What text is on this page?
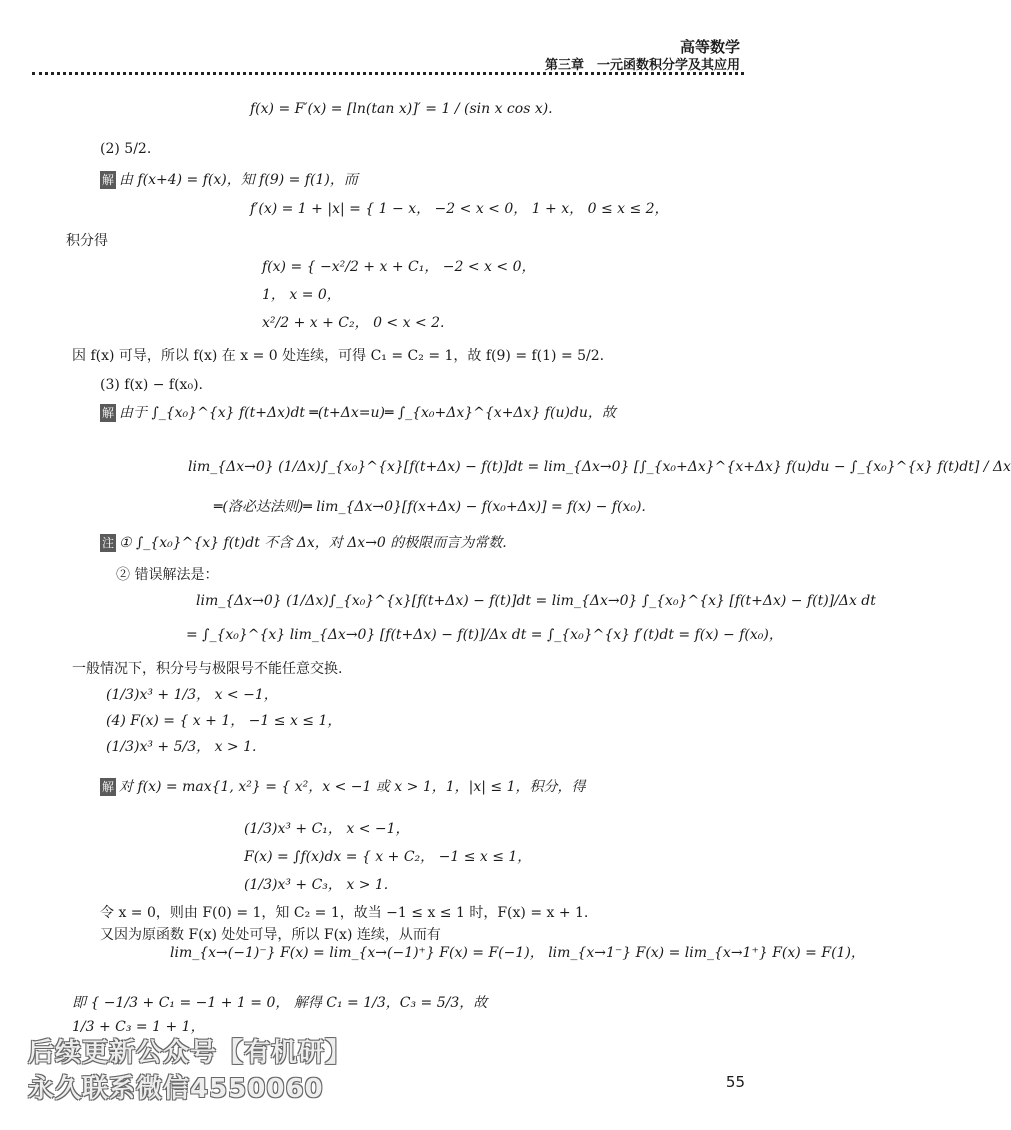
高等数学
第三章　一元函数积分学及其应用
f(x) = F′(x) = [ln(tan x)]′ = 1 / (sin x cos x).
(2) 5/2.
解 由 f(x+4) = f(x)，知 f(9) = f(1)，而
f′(x) = 1 + |x| = { 1 − x， −2 < x < 0， 1 + x， 0 ≤ x ≤ 2，
积分得
f(x) = { −x²/2 + x + C₁， −2 < x < 0，
1， x = 0，
x²/2 + x + C₂， 0 < x < 2.
因 f(x) 可导，所以 f(x) 在 x = 0 处连续，可得 C₁ = C₂ = 1，故 f(9) = f(1) = 5/2.
(3) f(x) − f(x₀).
解 由于 ∫_{x₀}^{x} f(t+Δx)dt ═(t+Δx=u)═ ∫_{x₀+Δx}^{x+Δx} f(u)du，故
lim_{Δx→0} (1/Δx)∫_{x₀}^{x}[f(t+Δx) − f(t)]dt = lim_{Δx→0} [∫_{x₀+Δx}^{x+Δx} f(u)du − ∫_{x₀}^{x} f(t)dt] / Δx
═(洛必达法则)═ lim_{Δx→0}[f(x+Δx) − f(x₀+Δx)] = f(x) − f(x₀).
注 ① ∫_{x₀}^{x} f(t)dt 不含 Δx，对 Δx→0 的极限而言为常数.
② 错误解法是：
lim_{Δx→0} (1/Δx)∫_{x₀}^{x}[f(t+Δx) − f(t)]dt = lim_{Δx→0} ∫_{x₀}^{x} [f(t+Δx) − f(t)]/Δx dt
= ∫_{x₀}^{x} lim_{Δx→0} [f(t+Δx) − f(t)]/Δx dt = ∫_{x₀}^{x} f′(t)dt = f(x) − f(x₀)，
一般情况下，积分号与极限号不能任意交换.
(1/3)x³ + 1/3， x < −1，
(4) F(x) = { x + 1， −1 ≤ x ≤ 1，
(1/3)x³ + 5/3， x > 1.
解 对 f(x) = max{1, x²} = { x²，x < −1 或 x > 1，1，|x| ≤ 1，积分，得
(1/3)x³ + C₁， x < −1，
F(x) = ∫f(x)dx = { x + C₂， −1 ≤ x ≤ 1，
(1/3)x³ + C₃， x > 1.
令 x = 0，则由 F(0) = 1，知 C₂ = 1，故当 −1 ≤ x ≤ 1 时，F(x) = x + 1.
又因为原函数 F(x) 处处可导，所以 F(x) 连续，从而有
lim_{x→(−1)⁻} F(x) = lim_{x→(−1)⁺} F(x) = F(−1)， lim_{x→1⁻} F(x) = lim_{x→1⁺} F(x) = F(1)，
即 { −1/3 + C₁ = −1 + 1 = 0， 解得 C₁ = 1/3，C₃ = 5/3，故
1/3 + C₃ = 1 + 1，
后续更新公众号【有机研】
永久联系微信4550060	55
